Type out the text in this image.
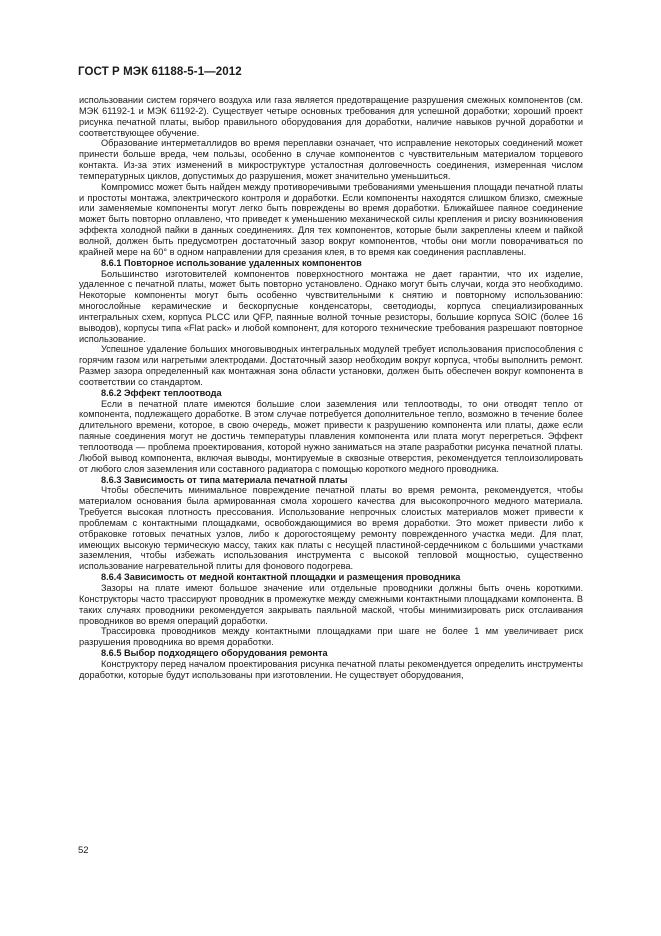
ГОСТ Р МЭК 61188-5-1—2012

использовании систем горячего воздуха или газа является предотвращение разрушения смежных компонентов (см. МЭК 61192-1 и МЭК 61192-2). Существует четыре основных требования для успешной доработки; хороший проект рисунка печатной платы, выбор правильного оборудования для доработки, наличие навыков ручной доработки и соответствующее обучение.

Образование интерметаллидов во время переплавки означает, что исправление некоторых соединений может принести больше вреда, чем пользы, особенно в случае компонентов с чувствительным материалом торцевого контакта. Из-за этих изменений в микроструктуре усталостная долговечность соединения, измеренная числом температурных циклов, допустимых до разрушения, может значительно уменьшиться.

Компромисс может быть найден между противоречивыми требованиями уменьшения площади печатной платы и простоты монтажа, электрического контроля и доработки. Если компоненты находятся слишком близко, смежные или заменяемые компоненты могут легко быть повреждены во время доработки. Ближайшее паяное соединение может быть повторно оплавлено, что приведет к уменьшению механической силы крепления и риску возникновения эффекта холодной пайки в данных соединениях. Для тех компонентов, которые были закреплены клеем и пайкой волной, должен быть предусмотрен достаточный зазор вокруг компонентов, чтобы они могли поворачиваться по крайней мере на 60° в одном направлении для срезания клея, в то время как соединения расплавлены.

8.6.1 Повторное использование удаленных компонентов

Большинство изготовителей компонентов поверхностного монтажа не дает гарантии, что их изделие, удаленное с печатной платы, может быть повторно установлено. Однако могут быть случаи, когда это необходимо. Некоторые компоненты могут быть особенно чувствительными к снятию и повторному использованию: многослойные керамические и бескорпусные конденсаторы, светодиоды, корпуса специализированных интегральных схем, корпуса PLCC или QFP, паянные волной точные резисторы, большие корпуса SOIC (более 16 выводов), корпусы типа «Flat pack» и любой компонент, для которого технические требования разрешают повторное использование.

Успешное удаление больших многовыводных интегральных модулей требует использования приспособления с горячим газом или нагретыми электродами. Достаточный зазор необходим вокруг корпуса, чтобы выполнить ремонт. Размер зазора определенный как монтажная зона области установки, должен быть обеспечен вокруг компонента в соответствии со стандартом.

8.6.2 Эффект теплоотвода

Если в печатной плате имеются большие слои заземления или теплоотводы, то они отводят тепло от компонента, подлежащего доработке. В этом случае потребуется дополнительное тепло, возможно в течение более длительного времени, которое, в свою очередь, может привести к разрушению компонента или платы, даже если паяные соединения могут не достичь температуры плавления компонента или плата могут перегреться. Эффект теплоотвода — проблема проектирования, которой нужно заниматься на этапе разработки рисунка печатной платы. Любой вывод компонента, включая выводы, монтируемые в сквозные отверстия, рекомендуется теплоизолировать от любого слоя заземления или составного радиатора с помощью короткого медного проводника.

8.6.3 Зависимость от типа материала печатной платы

Чтобы обеспечить минимальное повреждение печатной платы во время ремонта, рекомендуется, чтобы материалом основания была армированная смола хорошего качества для высокопрочного медного материала. Требуется высокая плотность прессования. Использование непрочных слоистых материалов может привести к проблемам с контактными площадками, освобождающимися во время доработки. Это может привести либо к отбраковке готовых печатных узлов, либо к дорогостоящему ремонту поврежденного участка меди. Для плат, имеющих высокую термическую массу, таких как платы с несущей пластиной-сердечником с большими участками заземления, чтобы избежать использования инструмента с высокой тепловой мощностью, существенно использование нагревательной плиты для фонового подогрева.

8.6.4 Зависимость от медной контактной площадки и размещения проводника

Зазоры на плате имеют большое значение или отдельные проводники должны быть очень короткими. Конструкторы часто трассируют проводник в промежутке между смежными контактными площадками компонента. В таких случаях проводники рекомендуется закрывать паяльной маской, чтобы минимизировать риск отслаивания проводников во время операций доработки.

Трассировка проводников между контактными площадками при шаге не более 1 мм увеличивает риск разрушения проводника во время доработки.

8.6.5 Выбор подходящего оборудования ремонта

Конструктору перед началом проектирования рисунка печатной платы рекомендуется определить инструменты доработки, которые будут использованы при изготовлении. Не существует оборудования,

52
